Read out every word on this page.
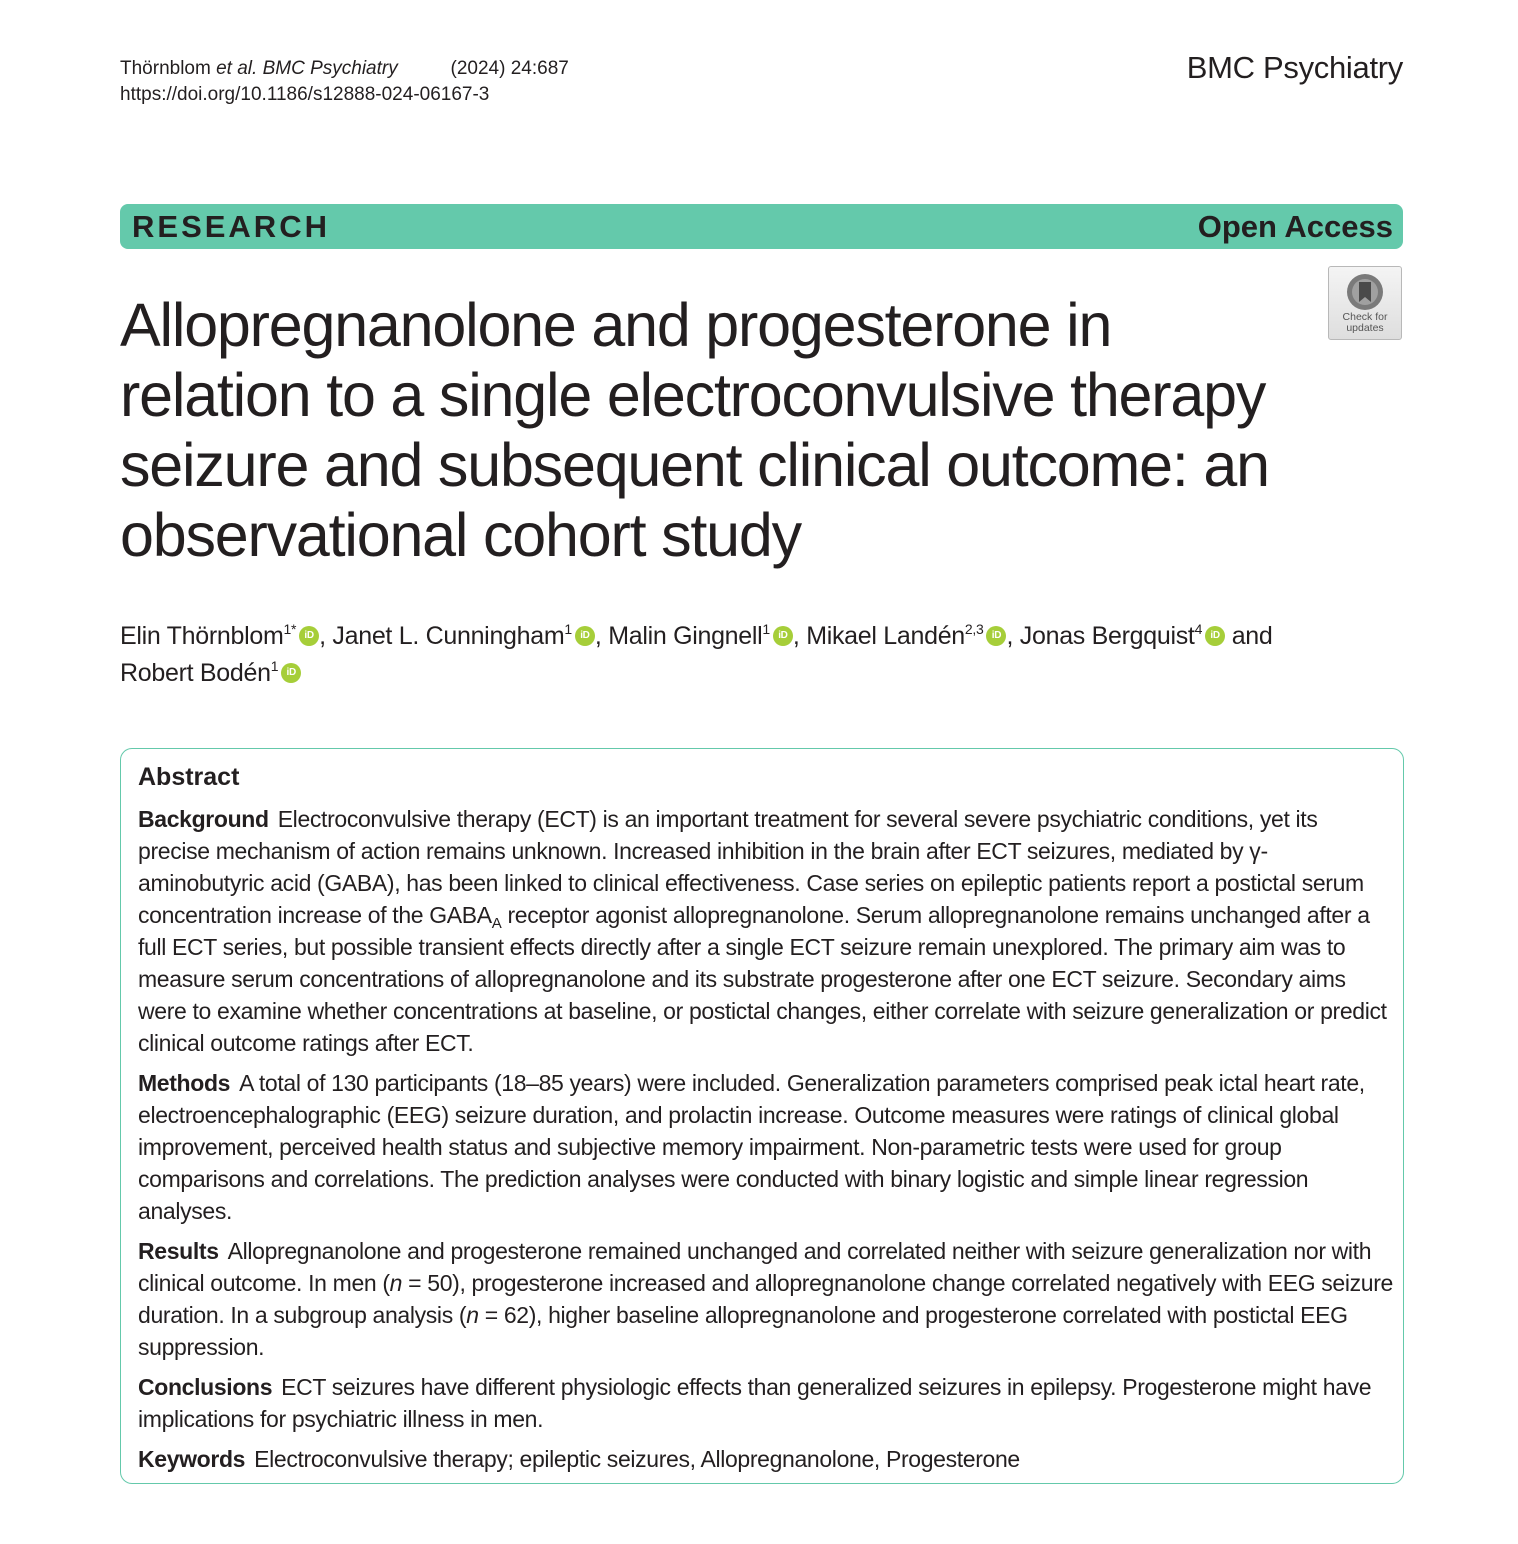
Thörnblom et al. BMC Psychiatry	(2024) 24:687
https://doi.org/10.1186/s12888-024-06167-3
BMC Psychiatry
RESEARCH	Open Access
Check for
updates
Allopregnanolone and progesterone in relation to a single electroconvulsive therapy seizure and subsequent clinical outcome: an observational cohort study
Elin Thörnblom$^{1*}$ iD , Janet L. Cunningham$^1$ iD , Malin Gingnell$^1$ iD , Mikael Landén$^{2,3}$ iD , Jonas Bergquist$^4$iD and
Robert Bodén$^1$iD
Abstract

Background Electroconvulsive therapy (ECT) is an important treatment for several severe psychiatric conditions, yet its precise mechanism of action remains unknown. Increased inhibition in the brain after ECT seizures, mediated by γ-aminobutyric acid (GABA), has been linked to clinical effectiveness. Case series on epileptic patients report a postictal serum concentration increase of the $GABA_A$ receptor agonist allopregnanolone. Serum allopregnanolone remains unchanged after a full ECT series, but possible transient effects directly after a single ECT seizure remain unexplored. The primary aim was to measure serum concentrations of allopregnanolone and its substrate progesterone after one ECT seizure. Secondary aims were to examine whether concentrations at baseline, or postictal changes, either correlate with seizure generalization or predict clinical outcome ratings after ECT.

Methods A total of 130 participants (18–85 years) were included. Generalization parameters comprised peak ictal heart rate, electroencephalographic (EEG) seizure duration, and prolactin increase. Outcome measures were ratings of clinical global improvement, perceived health status and subjective memory impairment. Non-parametric tests were used for group comparisons and correlations. The prediction analyses were conducted with binary logistic and simple linear regression analyses.

Results Allopregnanolone and progesterone remained unchanged and correlated neither with seizure generalization nor with clinical outcome. In men (n = 50), progesterone increased and allopregnanolone change correlated negatively with EEG seizure duration. In a subgroup analysis (n = 62), higher baseline allopregnanolone and progesterone correlated with postictal EEG suppression.

Conclusions ECT seizures have different physiologic effects than generalized seizures in epilepsy. Progesterone might have implications for psychiatric illness in men.

Keywords Electroconvulsive therapy; epileptic seizures, Allopregnanolone, Progesterone
